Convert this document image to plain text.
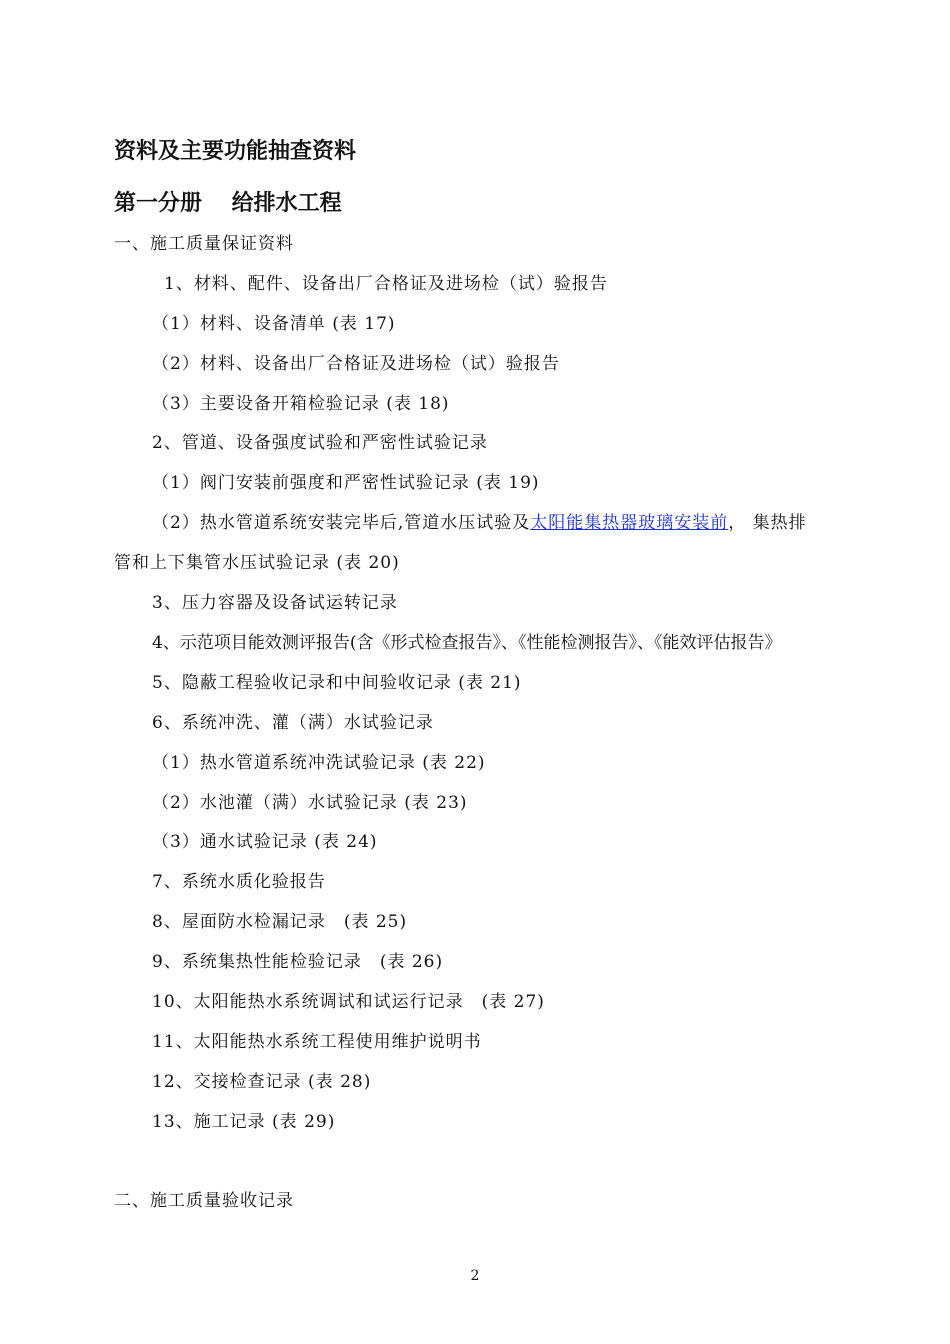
资料及主要功能抽查资料
第一分册　 给排水工程
一、施工质量保证资料
1、材料、配件、设备出厂合格证及进场检（试）验报告
（1）材料、设备清单 (表 17)
（2）材料、设备出厂合格证及进场检（试）验报告
（3）主要设备开箱检验记录 (表 18)
2、管道、设备强度试验和严密性试验记录
（1）阀门安装前强度和严密性试验记录 (表 19)
（2）热水管道系统安装完毕后,管道水压试验及太阳能集热器玻璃安装前， 集热排
管和上下集管水压试验记录 (表 20)
3、压力容器及设备试运转记录
4、示范项目能效测评报告(含《形式检查报告》、《性能检测报告》、《能效评估报告》
5、隐蔽工程验收记录和中间验收记录 (表 21)
6、系统冲洗、灌（满）水试验记录
（1）热水管道系统冲洗试验记录 (表 22)
（2）水池灌（满）水试验记录 (表 23)
（3）通水试验记录 (表 24)
7、系统水质化验报告
8、屋面防水检漏记录　(表 25)
9、系统集热性能检验记录　(表 26)
10、太阳能热水系统调试和试运行记录　(表 27)
11、太阳能热水系统工程使用维护说明书
12、交接检查记录 (表 28)
13、施工记录 (表 29)
二、施工质量验收记录
2
